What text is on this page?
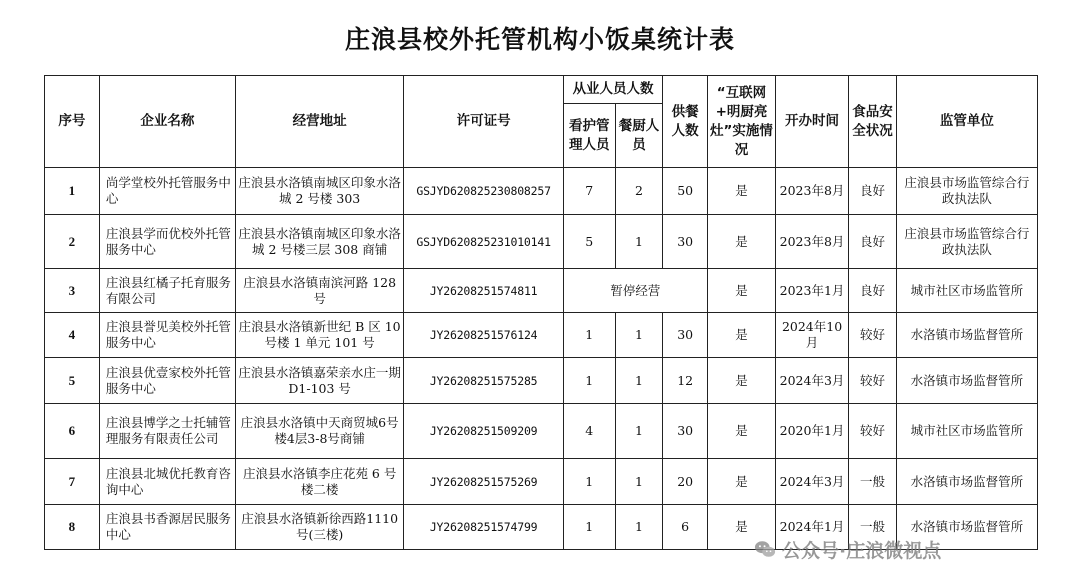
庄浪县校外托管机构小饭桌统计表
序号	企业名称	经营地址	许可证号	从业人员人数		供餐人数	“互联网+明厨亮灶”实施情况	开办时间	食品安全状况	监管单位
				看护管理人员	餐厨人员					
1	尚学堂校外托管服务中心	庄浪县水洛镇南城区印象水洛城 2 号楼 303	GSJYD620825230808257	7	2	50	是	2023年8月	良好	庄浪县市场监管综合行政执法队
2	庄浪县学而优校外托管服务中心	庄浪县水洛镇南城区印象水洛城 2 号楼三层 308 商铺	GSJYD620825231010141	5	1	30	是	2023年8月	良好	庄浪县市场监管综合行政执法队
3	庄浪县红橘子托育服务有限公司	庄浪县水洛镇南滨河路 128 号	JY26208251574811	暂停经营			是	2023年1月	良好	城市社区市场监管所
4	庄浪县誉见美校外托管服务中心	庄浪县水洛镇新世纪 B 区 10 号楼 1 单元 101 号	JY26208251576124	1	1	30	是	2024年10月	较好	水洛镇市场监督管所
5	庄浪县优壹家校外托管服务中心	庄浪县水洛镇嘉荣亲水庄一期 D1-103 号	JY26208251575285	1	1	12	是	2024年3月	较好	水洛镇市场监督管所
6	庄浪县博学之士托辅管理服务有限责任公司	庄浪县水洛镇中天商贸城6号楼4层3-8号商铺	JY26208251509209	4	1	30	是	2020年1月	较好	城市社区市场监管所
7	庄浪县北城优托教育咨询中心	庄浪县水洛镇李庄花苑 6 号楼二楼	JY26208251575269	1	1	20	是	2024年3月	一般	水洛镇市场监督管所
8	庄浪县书香源居民服务中心	庄浪县水洛镇新徐西路1110号(三楼)	JY26208251574799	1	1	6	是	2024年1月	一般	水洛镇市场监督管所
公众号·庄浪微视点
